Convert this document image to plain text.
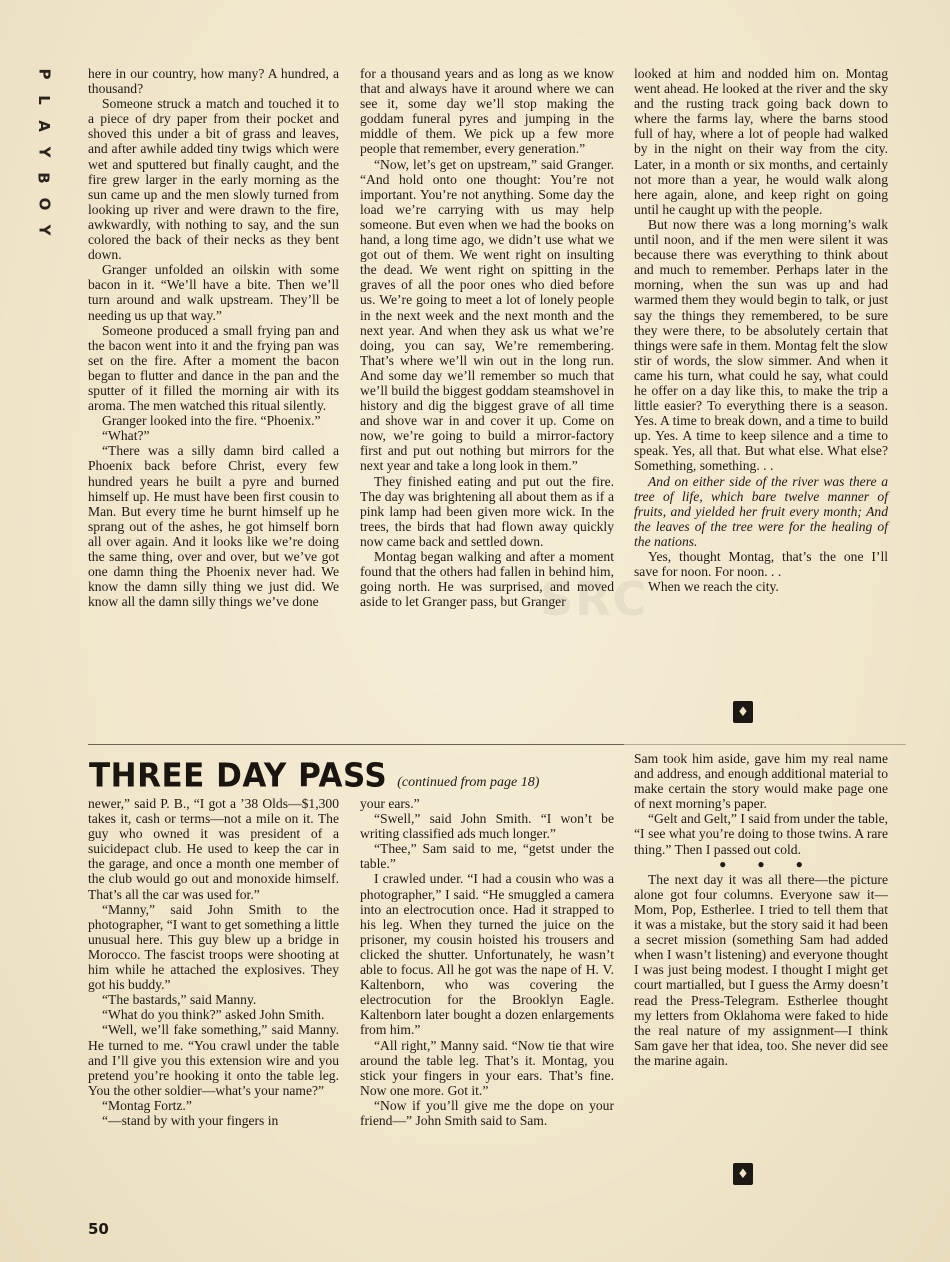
P
L
A
Y
B
O
Y

here in our country, how many? A hundred, a thousand?

Someone struck a match and touched it to a piece of dry paper from their pocket and shoved this under a bit of grass and leaves, and after awhile added tiny twigs which were wet and sputtered but finally caught, and the fire grew larger in the early morning as the sun came up and the men slowly turned from looking up river and were drawn to the fire, awkwardly, with nothing to say, and the sun colored the back of their necks as they bent down.

Granger unfolded an oilskin with some bacon in it. “We’ll have a bite. Then we’ll turn around and walk upstream. They’ll be needing us up that way.”

Someone produced a small frying pan and the bacon went into it and the frying pan was set on the fire. After a moment the bacon began to flutter and dance in the pan and the sputter of it filled the morning air with its aroma. The men watched this ritual silently.

Granger looked into the fire. “Phoenix.”

“What?”

“There was a silly damn bird called a Phoenix back before Christ, every few hundred years he built a pyre and burned himself up. He must have been first cousin to Man. But every time he burnt himself up he sprang out of the ashes, he got himself born all over again. And it looks like we’re doing the same thing, over and over, but we’ve got one damn thing the Phoenix never had. We know the damn silly thing we just did. We know all the damn silly things we’ve done

for a thousand years and as long as we know that and always have it around where we can see it, some day we’ll stop making the goddam funeral pyres and jumping in the middle of them. We pick up a few more people that remember, every generation.”

“Now, let’s get on upstream,” said Granger. “And hold onto one thought: You’re not important. You’re not anything. Some day the load we’re carrying with us may help someone. But even when we had the books on hand, a long time ago, we didn’t use what we got out of them. We went right on insulting the dead. We went right on spitting in the graves of all the poor ones who died before us. We’re going to meet a lot of lonely people in the next week and the next month and the next year. And when they ask us what we’re doing, you can say, We’re remembering. That’s where we’ll win out in the long run. And some day we’ll remember so much that we’ll build the biggest goddam steamshovel in history and dig the biggest grave of all time and shove war in and cover it up. Come on now, we’re going to build a mirror-factory first and put out nothing but mirrors for the next year and take a long look in them.”

They finished eating and put out the fire. The day was brightening all about them as if a pink lamp had been given more wick. In the trees, the birds that had flown away quickly now came back and settled down.

Montag began walking and after a moment found that the others had fallen in behind him, going north. He was surprised, and moved aside to let Granger pass, but Granger

looked at him and nodded him on. Montag went ahead. He looked at the river and the sky and the rusting track going back down to where the farms lay, where the barns stood full of hay, where a lot of people had walked by in the night on their way from the city. Later, in a month or six months, and certainly not more than a year, he would walk along here again, alone, and keep right on going until he caught up with the people.

But now there was a long morning’s walk until noon, and if the men were silent it was because there was everything to think about and much to remember. Perhaps later in the morning, when the sun was up and had warmed them they would begin to talk, or just say the things they remembered, to be sure they were there, to be absolutely certain that things were safe in them. Montag felt the slow stir of words, the slow simmer. And when it came his turn, what could he say, what could he offer on a day like this, to make the trip a little easier? To everything there is a season. Yes. A time to break down, and a time to build up. Yes. A time to keep silence and a time to speak. Yes, all that. But what else. What else? Something, something. . .

And on either side of the river was there a tree of life, which bare twelve manner of fruits, and yielded her fruit every month; And the leaves of the tree were for the healing of the nations.

Yes, thought Montag, that’s the one I’ll save for noon. For noon. . .

When we reach the city.

♦
THREE DAY PASS (continued from page 18)

newer,” said P. B., “I got a ’38 Olds—$1,300 takes it, cash or terms—not a mile on it. The guy who owned it was president of a suicidepact club. He used to keep the car in the garage, and once a month one member of the club would go out and monoxide himself. That’s all the car was used for.”

“Manny,” said John Smith to the photographer, “I want to get something a little unusual here. This guy blew up a bridge in Morocco. The fascist troops were shooting at him while he attached the explosives. They got his buddy.”

“The bastards,” said Manny.

“What do you think?” asked John Smith.

“Well, we’ll fake something,” said Manny. He turned to me. “You crawl under the table and I’ll give you this extension wire and you pretend you’re hooking it onto the table leg. You the other soldier—what’s your name?”

“Montag Fortz.”

“—stand by with your fingers in

your ears.”

“Swell,” said John Smith. “I won’t be writing classified ads much longer.”

“Thee,” Sam said to me, “getst under the table.”

I crawled under. “I had a cousin who was a photographer,” I said. “He smuggled a camera into an electrocution once. Had it strapped to his leg. When they turned the juice on the prisoner, my cousin hoisted his trousers and clicked the shutter. Unfortunately, he wasn’t able to focus. All he got was the nape of H. V. Kaltenborn, who was covering the electrocution for the Brooklyn Eagle. Kaltenborn later bought a dozen enlargements from him.”

“All right,” Manny said. “Now tie that wire around the table leg. That’s it. Montag, you stick your fingers in your ears. That’s fine. Now one more. Got it.”

“Now if you’ll give me the dope on your friend—” John Smith said to Sam.

Sam took him aside, gave him my real name and address, and enough additional material to make certain the story would make page one of next morning’s paper.

“Gelt and Gelt,” I said from under the table, “I see what you’re doing to those twins. A rare thing.” Then I passed out cold.

● ● ●

The next day it was all there—the picture alone got four columns. Everyone saw it—Mom, Pop, Estherlee. I tried to tell them that it was a mistake, but the story said it had been a secret mission (something Sam had added when I wasn’t listening) and everyone thought I was just being modest. I thought I might get court martialled, but I guess the Army doesn’t read the Press-Telegram. Estherlee thought my letters from Oklahoma were faked to hide the real nature of my assignment—I think Sam gave her that idea, too. She never did see the marine again.

♦
50
SRC
